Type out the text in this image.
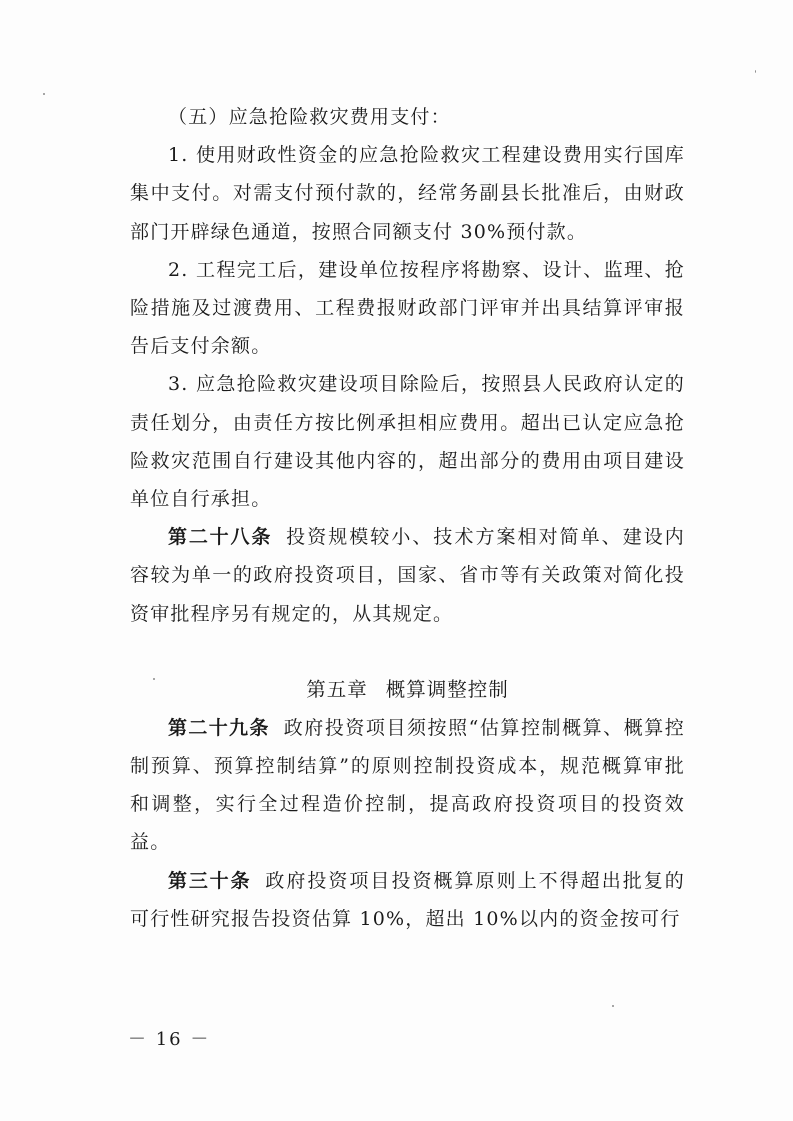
（五）应急抢险救灾费用支付：

1. 使用财政性资金的应急抢险救灾工程建设费用实行国库集中支付。对需支付预付款的，经常务副县长批准后，由财政部门开辟绿色通道，按照合同额支付 30%预付款。

2. 工程完工后，建设单位按程序将勘察、设计、监理、抢险措施及过渡费用、工程费报财政部门评审并出具结算评审报告后支付余额。

3. 应急抢险救灾建设项目除险后，按照县人民政府认定的责任划分，由责任方按比例承担相应费用。超出已认定应急抢险救灾范围自行建设其他内容的，超出部分的费用由项目建设单位自行承担。

第二十八条 投资规模较小、技术方案相对简单、建设内容较为单一的政府投资项目，国家、省市等有关政策对简化投资审批程序另有规定的，从其规定。

第五章 概算调整控制

第二十九条 政府投资项目须按照“估算控制概算、概算控制预算、预算控制结算”的原则控制投资成本，规范概算审批和调整，实行全过程造价控制，提高政府投资项目的投资效益。

第三十条 政府投资项目投资概算原则上不得超出批复的可行性研究报告投资估算 10%，超出 10%以内的资金按可行

－ 16 －
